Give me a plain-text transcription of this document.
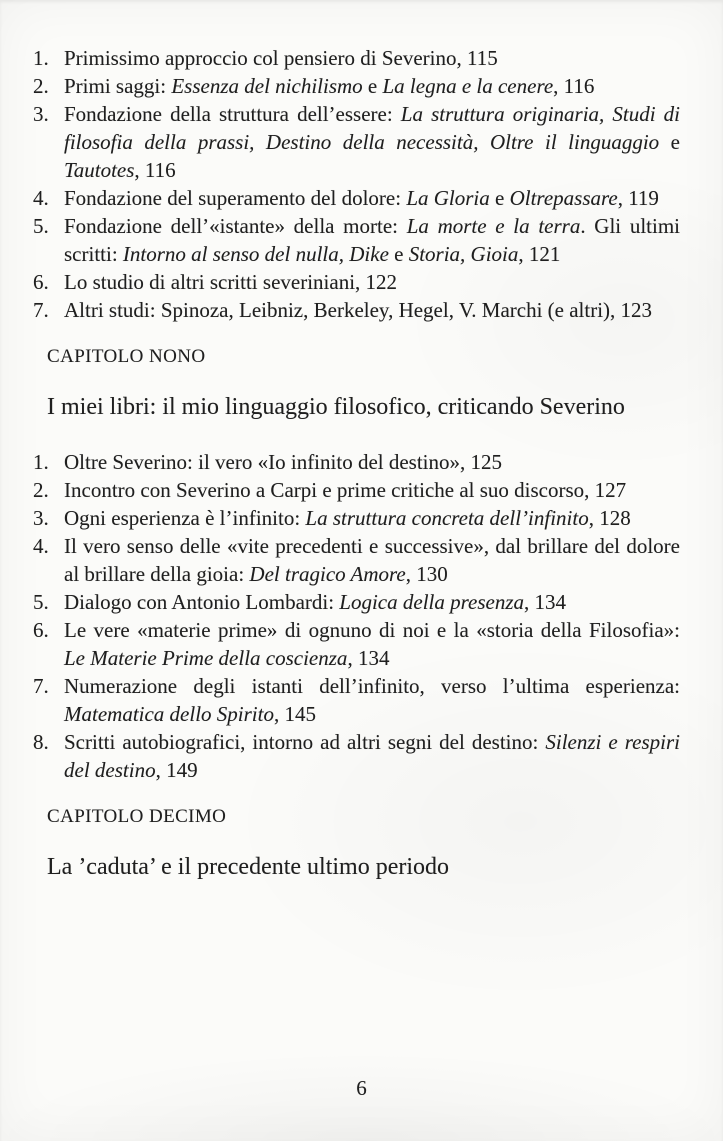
1. Primissimo approccio col pensiero di Severino, 115
2. Primi saggi: Essenza del nichilismo e La legna e la cenere, 116
3. Fondazione della struttura dell’essere: La struttura originaria, Studi di filosofia della prassi, Destino della necessità, Oltre il linguaggio e Tautotes, 116
4. Fondazione del superamento del dolore: La Gloria e Oltrepassare, 119
5. Fondazione dell’«istante» della morte: La morte e la terra. Gli ultimi scritti: Intorno al senso del nulla, Dike e Storia, Gioia, 121
6. Lo studio di altri scritti severiniani, 122
7. Altri studi: Spinoza, Leibniz, Berkeley, Hegel, V. Marchi (e altri), 123
CAPITOLO NONO
I miei libri: il mio linguaggio filosofico, criticando Severino
1. Oltre Severino: il vero «Io infinito del destino», 125
2. Incontro con Severino a Carpi e prime critiche al suo discorso, 127
3. Ogni esperienza è l’infinito: La struttura concreta dell’infinito, 128
4. Il vero senso delle «vite precedenti e successive», dal brillare del dolore al brillare della gioia: Del tragico Amore, 130
5. Dialogo con Antonio Lombardi: Logica della presenza, 134
6. Le vere «materie prime» di ognuno di noi e la «storia della Filosofia»: Le Materie Prime della coscienza, 134
7. Numerazione degli istanti dell’infinito, verso l’ultima esperienza: Matematica dello Spirito, 145
8. Scritti autobiografici, intorno ad altri segni del destino: Silenzi e respiri del destino, 149
CAPITOLO DECIMO
La ’caduta’ e il precedente ultimo periodo
6
